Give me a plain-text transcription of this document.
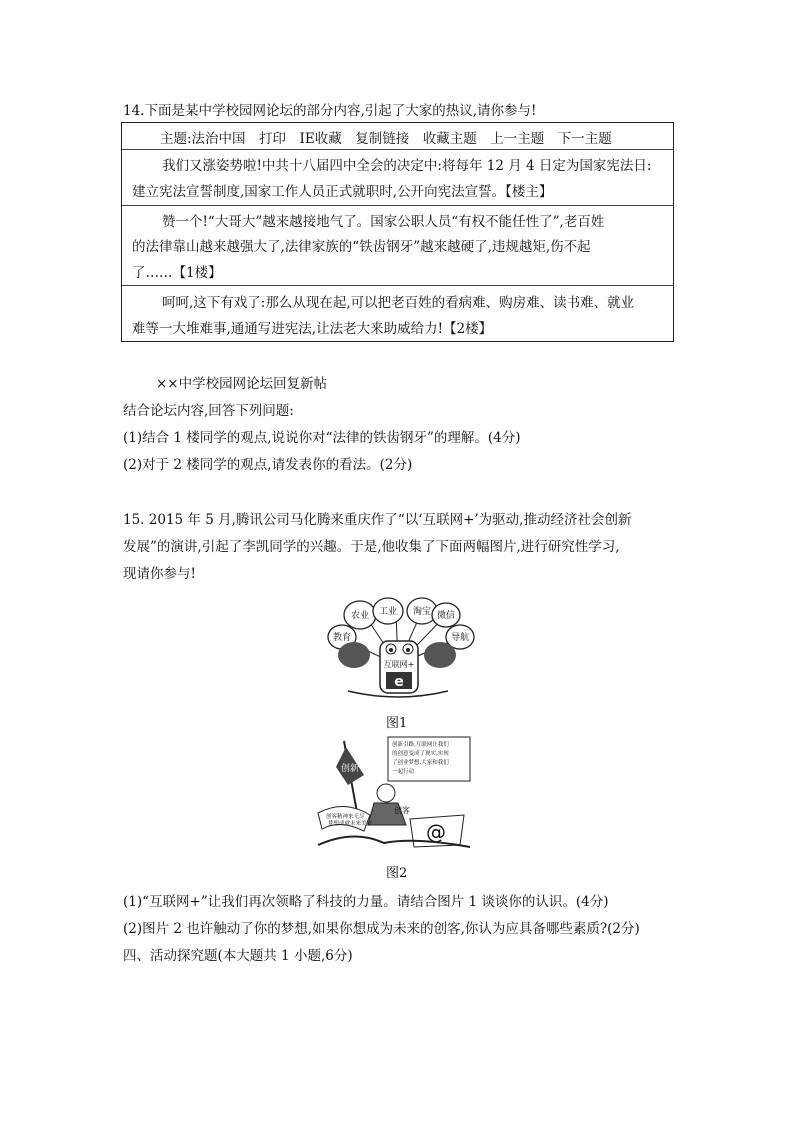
14.下面是某中学校园网论坛的部分内容,引起了大家的热议,请你参与!
主题:法治中国　打印　IE收藏　复制链接　收藏主题　上一主题　下一主题
我们又涨姿势啦!中共十八届四中全会的决定中:将每年 12 月 4 日定为国家宪法日:
建立宪法宣誓制度,国家工作人员正式就职时,公开向宪法宣誓。【楼主】
赞一个!“大哥大”越来越接地气了。国家公职人员“有权不能任性了”,老百姓
的法律靠山越来越强大了,法律家族的“铁齿钢牙”越来越硬了,违规越矩,伤不起
了……【1楼】
呵呵,这下有戏了:那么从现在起,可以把老百姓的看病难、购房难、读书难、就业
难等一大堆难事,通通写进宪法,让法老大来助威给力!【2楼】
××中学校园网论坛回复新帖
结合论坛内容,回答下列问题:
(1)结合 1 楼同学的观点,说说你对“法律的铁齿钢牙”的理解。(4分)
(2)对于 2 楼同学的观点,请发表你的看法。(2分)
15. 2015 年 5 月,腾讯公司马化腾来重庆作了“以‘互联网+’为驱动,推动经济社会创新
发展”的演讲,引起了李凯同学的兴趣。于是,他收集了下面两幅图片,进行研究性学习,
现请你参与!
农业 工业
教育
淘宝 微信
导航
互联网+
e
图1
创新
创新引路,互联网让我们
的创意变成了现实,实现
了创业梦想,大家和我们
一起行动
创客
创客精神来无尽
梦想成就未来美好	@
图2
(1)“互联网+”让我们再次领略了科技的力量。请结合图片 1 谈谈你的认识。(4分)
(2)图片 2 也许触动了你的梦想,如果你想成为未来的创客,你认为应具备哪些素质?(2分)
四、活动探究题(本大题共 1 小题,6分)
